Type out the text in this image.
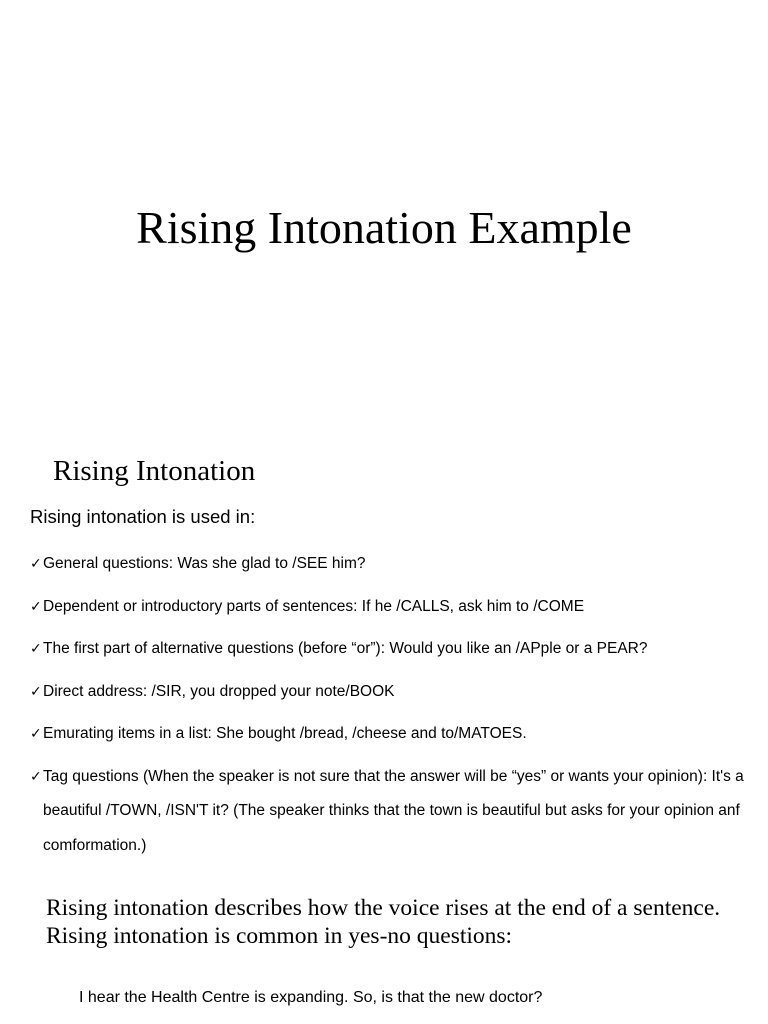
Rising Intonation Example
Rising Intonation

Rising intonation is used in:

✓ General questions: Was she glad to /SEE him?
✓ Dependent or introductory parts of sentences: If he /CALLS, ask him to /COME
✓ The first part of alternative questions (before “or”): Would you like an /APple or a PEAR?
✓ Direct address: /SIR, you dropped your note/BOOK
✓ Emurating items in a list: She bought /bread, /cheese and to/MATOES.
✓ Tag questions (When the speaker is not sure that the answer will be “yes” or wants your opinion): It's a beautiful /TOWN, /ISN'T it? (The speaker thinks that the town is beautiful but asks for your opinion anf comformation.)

Rising intonation describes how the voice rises at the end of a sentence. Rising intonation is common in yes-no questions:

I hear the Health Centre is expanding. So, is that the new doctor?
